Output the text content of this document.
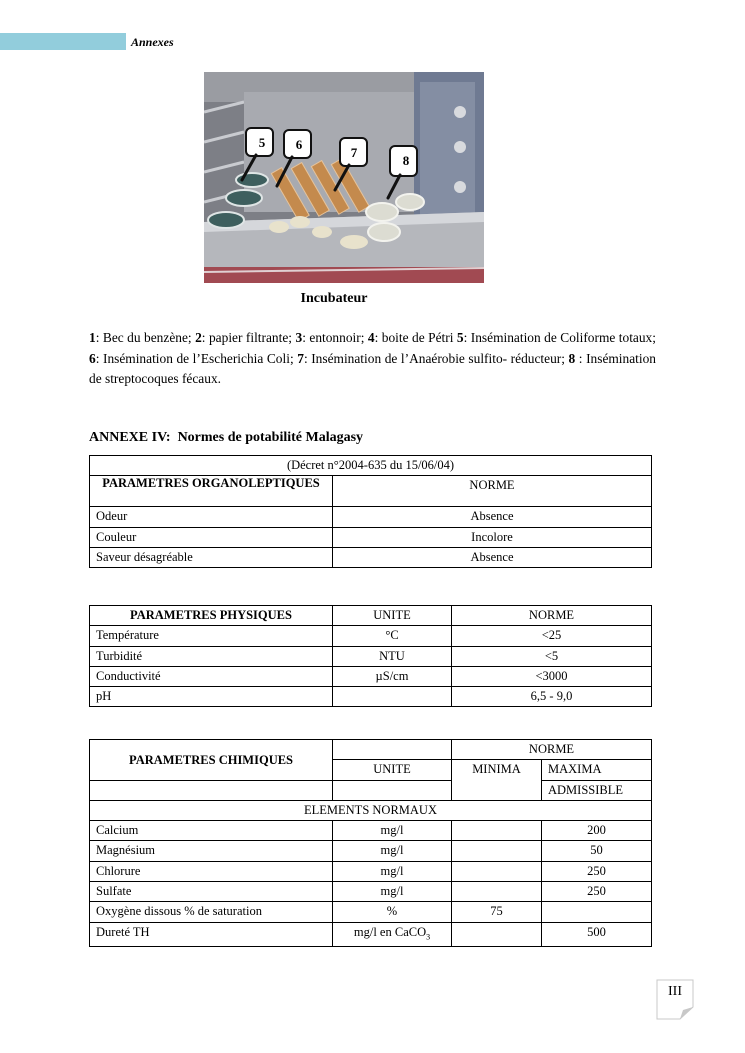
Annexes
5 6
7
8
Incubateur

1: Bec du benzène; 2: papier filtrante; 3: entonnoir; 4: boite de Pétri 5: Insémination de Coliforme totaux; 6: Insémination de l’Escherichia Coli; 7: Insémination de l’Anaérobie sulfito- réducteur; 8 : Insémination de streptocoques fécaux.

ANNEXE IV: Normes de potabilité Malagasy
(Décret n°2004-635 du 15/06/04)	
PARAMETRES ORGANOLEPTIQUES	NORME
Odeur	Absence
Couleur	Incolore
Saveur désagréable	Absence
PARAMETRES PHYSIQUES	UNITE	NORME
Température	°C	<25
Turbidité	NTU	<5
Conductivité	µS/cm	<3000
pH		6,5 - 9,0
PARAMETRES CHIMIQUES		NORME	
	UNITE	MINIMA	MAXIMA
			ADMISSIBLE
ELEMENTS NORMAUX			
Calcium	mg/l		200
Magnésium	mg/l		50
Chlorure	mg/l		250
Sulfate	mg/l		250
Oxygène dissous % de saturation	%	75	
Dureté TH	mg/l en CaCO$_3$		500
III
